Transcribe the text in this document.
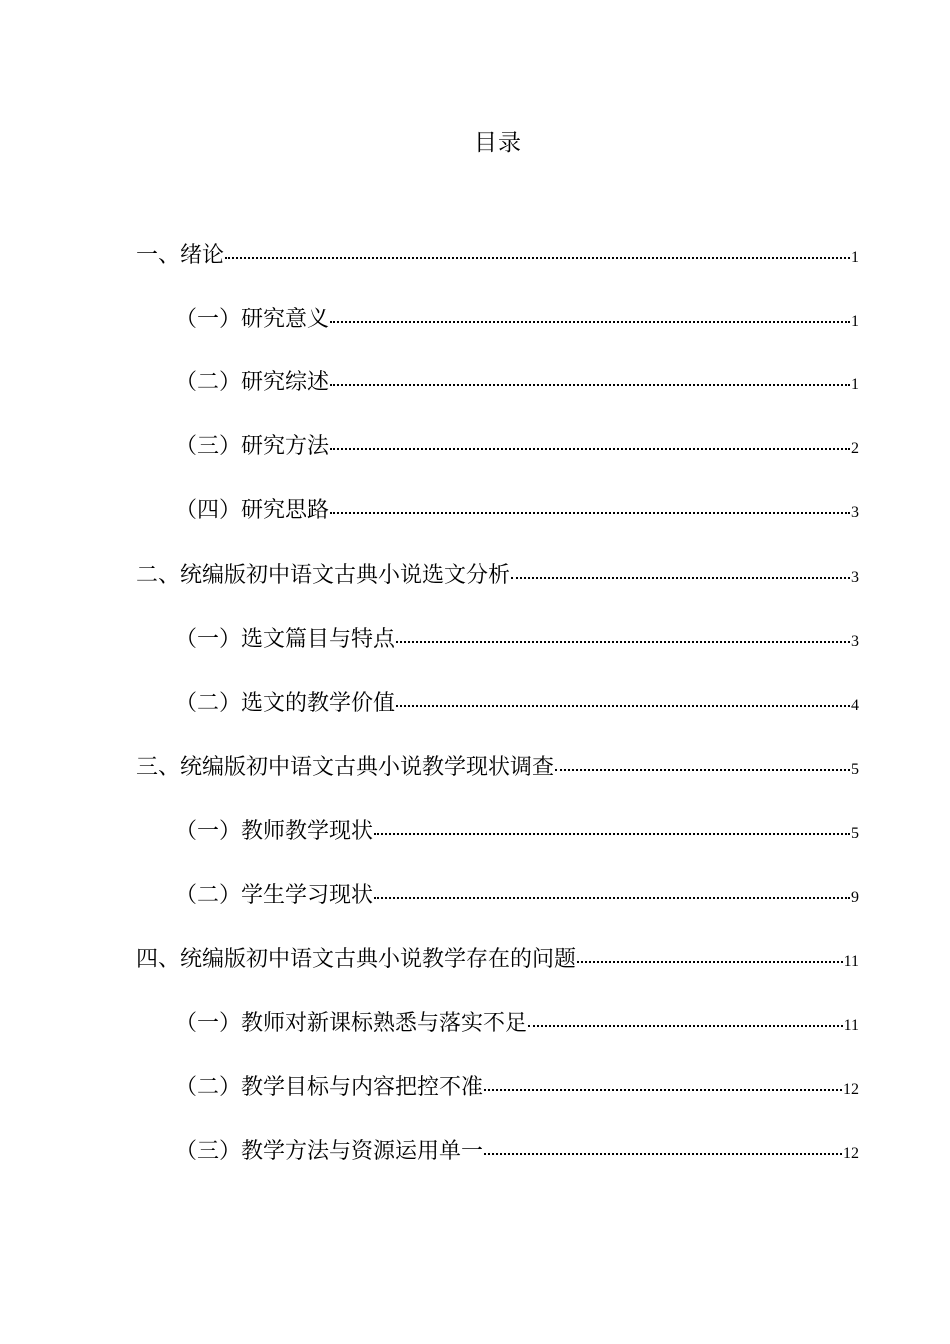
目录
一、绪论	1
（一）研究意义	1
（二）研究综述	1
（三）研究方法	2
（四）研究思路	3
二、统编版初中语文古典小说选文分析	3
（一）选文篇目与特点	3
（二）选文的教学价值	4
三、统编版初中语文古典小说教学现状调查	5
（一）教师教学现状	5
（二）学生学习现状	9
四、统编版初中语文古典小说教学存在的问题	11
（一）教师对新课标熟悉与落实不足	11
（二）教学目标与内容把控不准	12
（三）教学方法与资源运用单一	12
